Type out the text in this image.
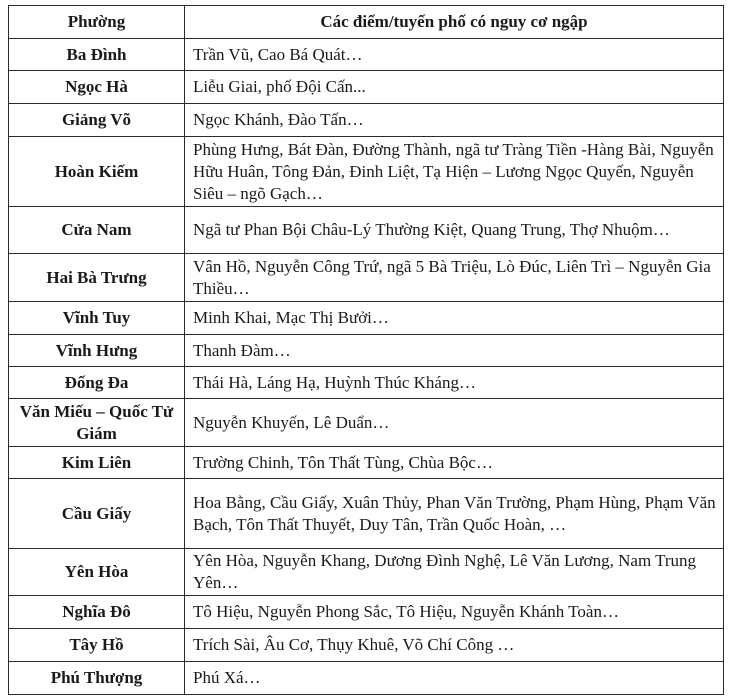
Phường	Các điểm/tuyến phố có nguy cơ ngập
Ba Đình	Trần Vũ, Cao Bá Quát…
Ngọc Hà	Liễu Giai, phố Đội Cấn...
Giảng Võ	Ngọc Khánh, Đào Tấn…
Hoàn Kiếm	Phùng Hưng, Bát Đàn, Đường Thành, ngã tư Tràng Tiền -Hàng Bài, Nguyễn Hữu Huân, Tông Đản, Đinh Liệt, Tạ Hiện – Lương Ngọc Quyến, Nguyễn Siêu – ngõ Gạch…
Cửa Nam	Ngã tư Phan Bội Châu-Lý Thường Kiệt, Quang Trung, Thợ Nhuộm…
Hai Bà Trưng	Vân Hồ, Nguyễn Công Trứ, ngã 5 Bà Triệu, Lò Đúc, Liên Trì – Nguyễn Gia Thiều…
Vĩnh Tuy	Minh Khai, Mạc Thị Bưởi…
Vĩnh Hưng	Thanh Đàm…
Đống Đa	Thái Hà, Láng Hạ, Huỳnh Thúc Kháng…
Văn Miếu – Quốc Tử Giám	Nguyễn Khuyến, Lê Duẩn…
Kim Liên	Trường Chinh, Tôn Thất Tùng, Chùa Bộc…
Cầu Giấy	Hoa Bằng, Cầu Giấy, Xuân Thủy, Phan Văn Trường, Phạm Hùng, Phạm Văn Bạch, Tôn Thất Thuyết, Duy Tân, Trần Quốc Hoàn, …
Yên Hòa	Yên Hòa, Nguyễn Khang, Dương Đình Nghệ, Lê Văn Lương, Nam Trung Yên…
Nghĩa Đô	Tô Hiệu, Nguyễn Phong Sắc, Tô Hiệu, Nguyễn Khánh Toàn…
Tây Hồ	Trích Sài, Âu Cơ, Thụy Khuê, Võ Chí Công …
Phú Thượng	Phú Xá…
